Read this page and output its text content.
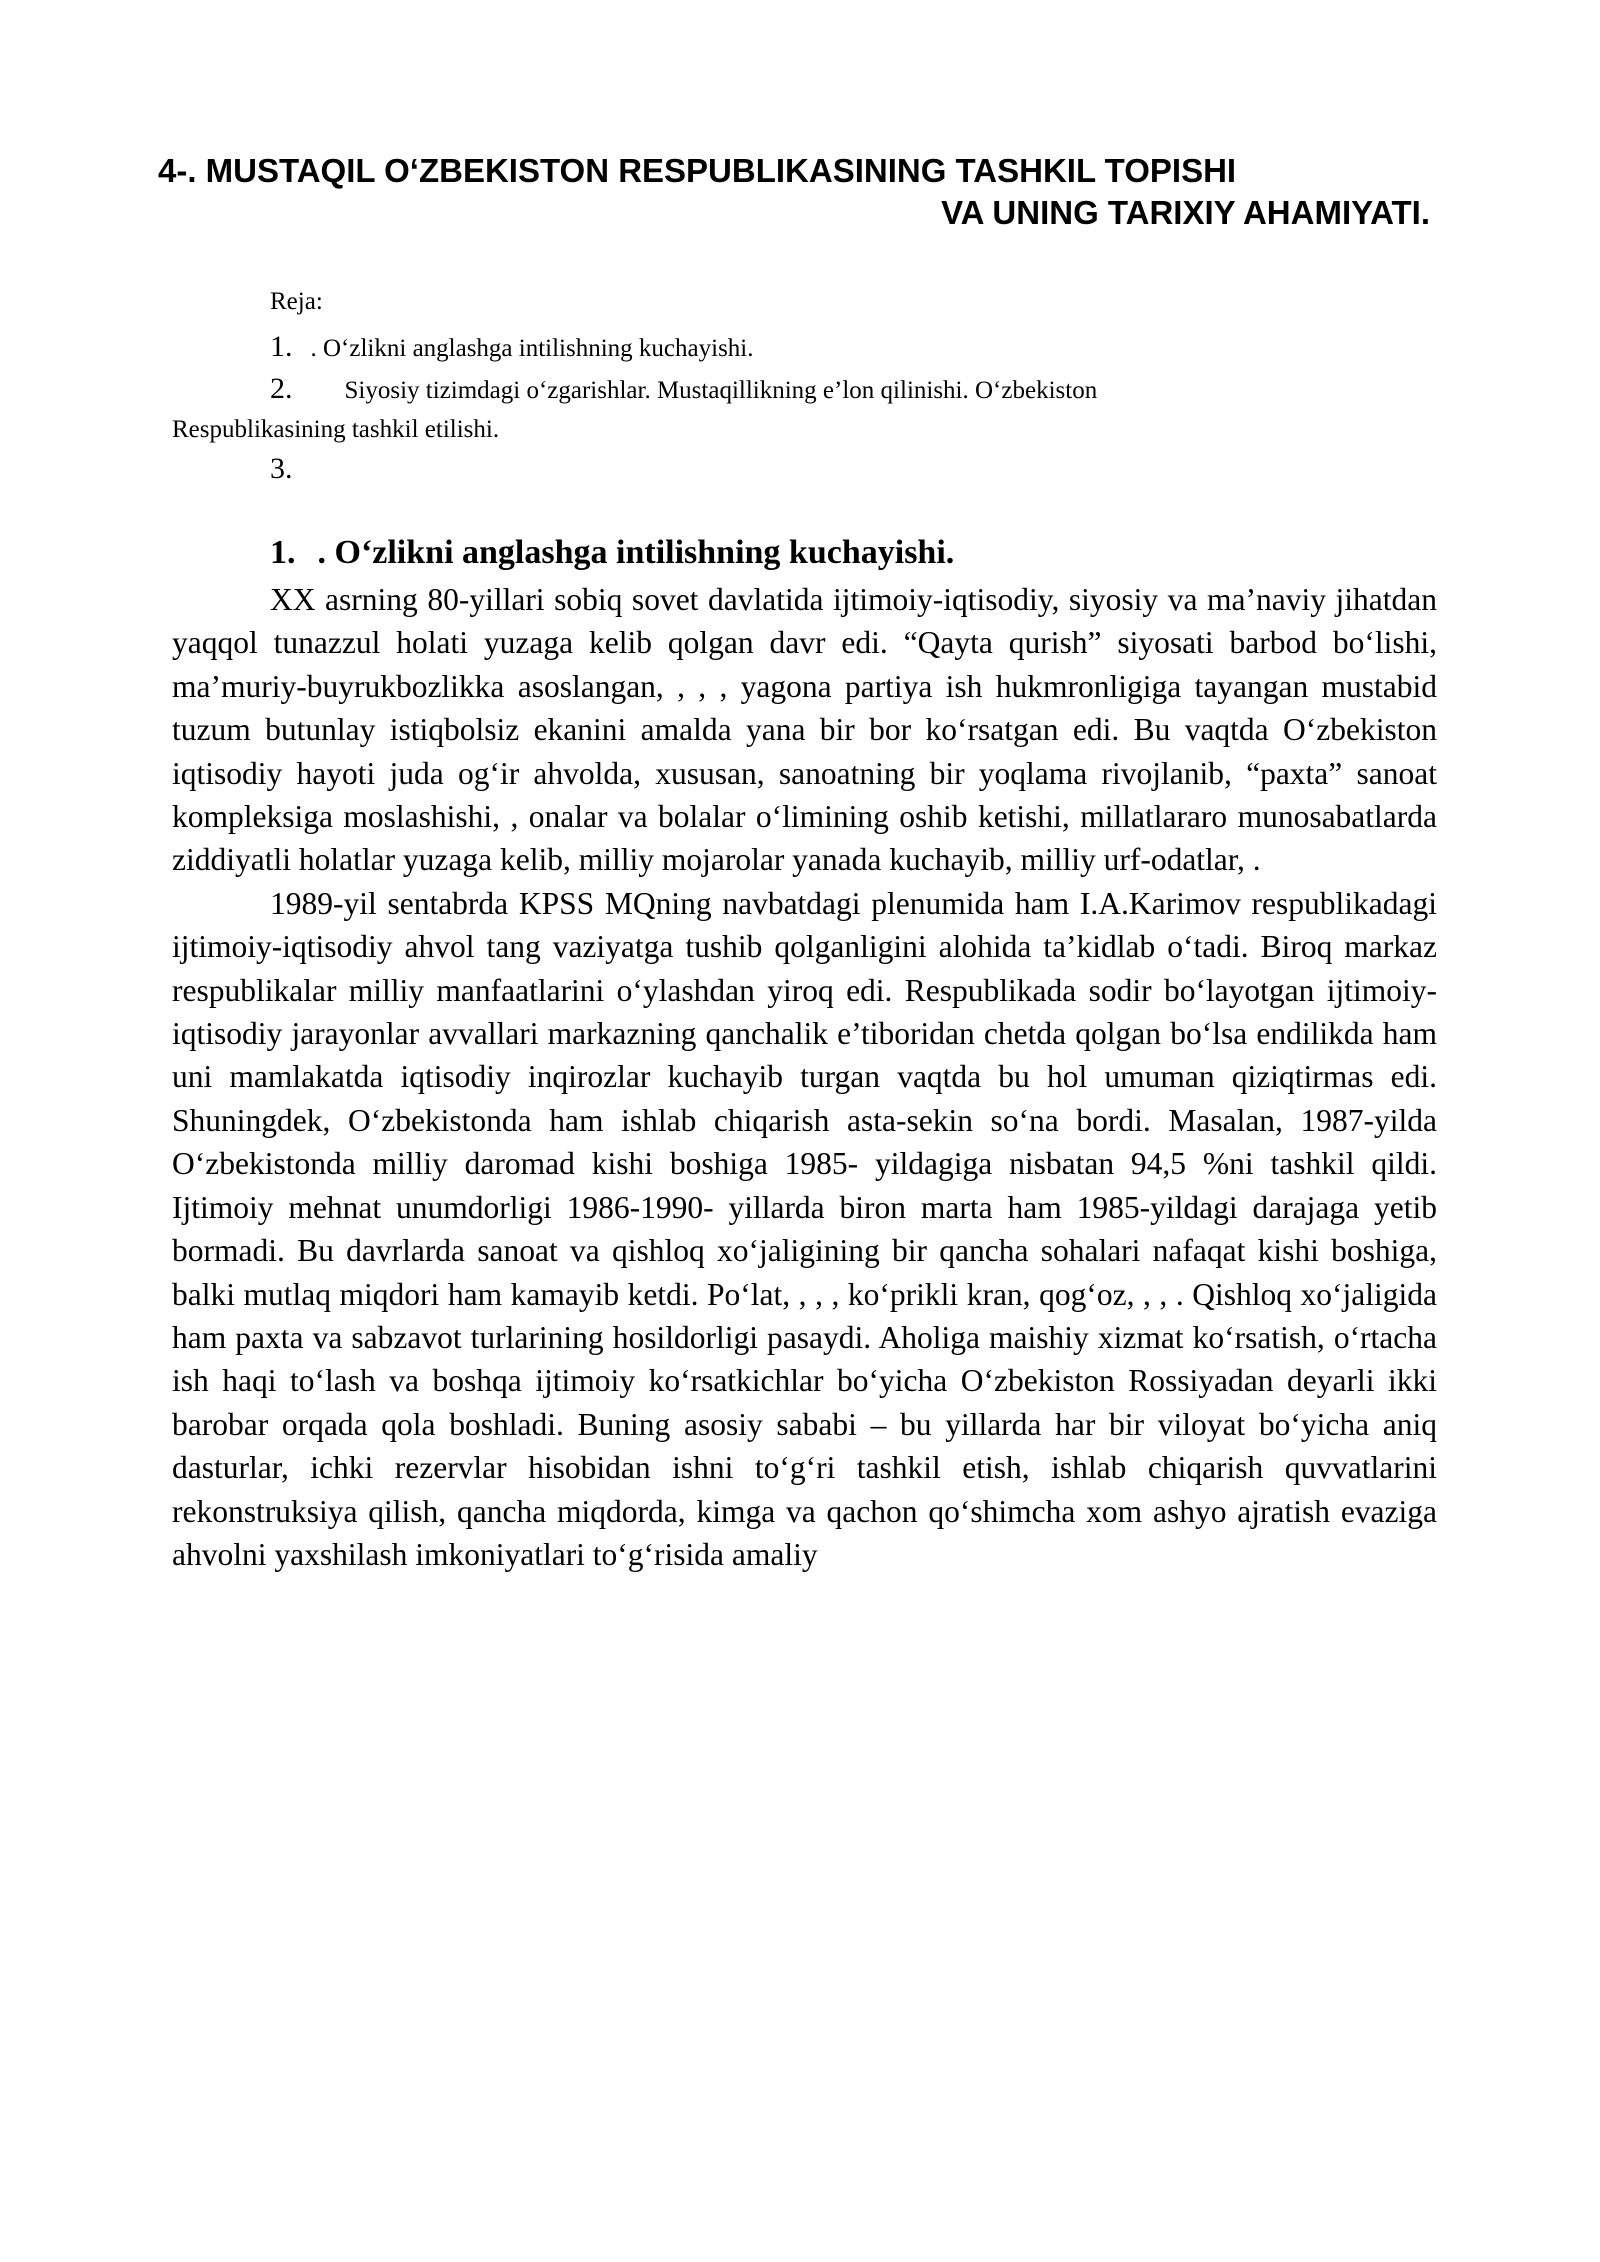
4-. MUSTAQIL O‘ZBEKISTON RESPUBLIKASINING TASHKIL TOPISHI
VA UNING TARIXIY AHAMIYATI.
Reja:
1. . O‘zlikni anglashga intilishning kuchayishi.
2. Siyosiy tizimdagi o‘zgarishlar. Mustaqillikning e’lon qilinishi. O‘zbekiston
Respublikasining tashkil etilishi.
3.
1. . O‘zlikni anglashga intilishning kuchayishi.

XX asrning 80-yillari sobiq sovet davlatida ijtimoiy-iqtisodiy, siyosiy va ma’naviy jihatdan yaqqol tunazzul holati yuzaga kelib qolgan davr edi. “Qayta qurish” siyosati barbod bo‘lishi, ma’muriy-buyrukbozlikka asoslangan, , , , yagona partiya ish hukmronligiga tayangan mustabid tuzum butunlay istiqbolsiz ekanini amalda yana bir bor ko‘rsatgan edi. Bu vaqtda O‘zbekiston iqtisodiy hayoti juda og‘ir ahvolda, xususan, sanoatning bir yoqlama rivojlanib, “paxta” sanoat kompleksiga moslashishi, , onalar va bolalar o‘limining oshib ketishi, millatlararo munosabatlarda ziddiyatli holatlar yuzaga kelib, milliy mojarolar yanada kuchayib, milliy urf-odatlar, .

1989-yil sentabrda KPSS MQning navbatdagi plenumida ham I.A.Karimov respublikadagi ijtimoiy-iqtisodiy ahvol tang vaziyatga tushib qolganligini alohida ta’kidlab o‘tadi. Biroq markaz respublikalar milliy manfaatlarini o‘ylashdan yiroq edi. Respublikada sodir bo‘layotgan ijtimoiy-iqtisodiy jarayonlar avvallari markazning qanchalik e’tiboridan chetda qolgan bo‘lsa endilikda ham uni mamlakatda iqtisodiy inqirozlar kuchayib turgan vaqtda bu hol umuman qiziqtirmas edi. Shuningdek, O‘zbekistonda ham ishlab chiqarish asta-sekin so‘na bordi. Masalan, 1987-yilda O‘zbekistonda milliy daromad kishi boshiga 1985- yildagiga nisbatan 94,5 %ni tashkil qildi. Ijtimoiy mehnat unumdorligi 1986-1990- yillarda biron marta ham 1985-yildagi darajaga yetib bormadi. Bu davrlarda sanoat va qishloq xo‘jaligining bir qancha sohalari nafaqat kishi boshiga, balki mutlaq miqdori ham kamayib ketdi. Po‘lat, , , , ko‘prikli kran, qog‘oz, , , . Qishloq xo‘jaligida ham paxta va sabzavot turlarining hosildorligi pasaydi. Aholiga maishiy xizmat ko‘rsatish, o‘rtacha ish haqi to‘lash va boshqa ijtimoiy ko‘rsatkichlar bo‘yicha O‘zbekiston Rossiyadan deyarli ikki barobar orqada qola boshladi. Buning asosiy sababi – bu yillarda har bir viloyat bo‘yicha aniq dasturlar, ichki rezervlar hisobidan ishni to‘g‘ri tashkil etish, ishlab chiqarish quvvatlarini rekonstruksiya qilish, qancha miqdorda, kimga va qachon qo‘shimcha xom ashyo ajratish evaziga ahvolni yaxshilash imkoniyatlari to‘g‘risida amaliy
